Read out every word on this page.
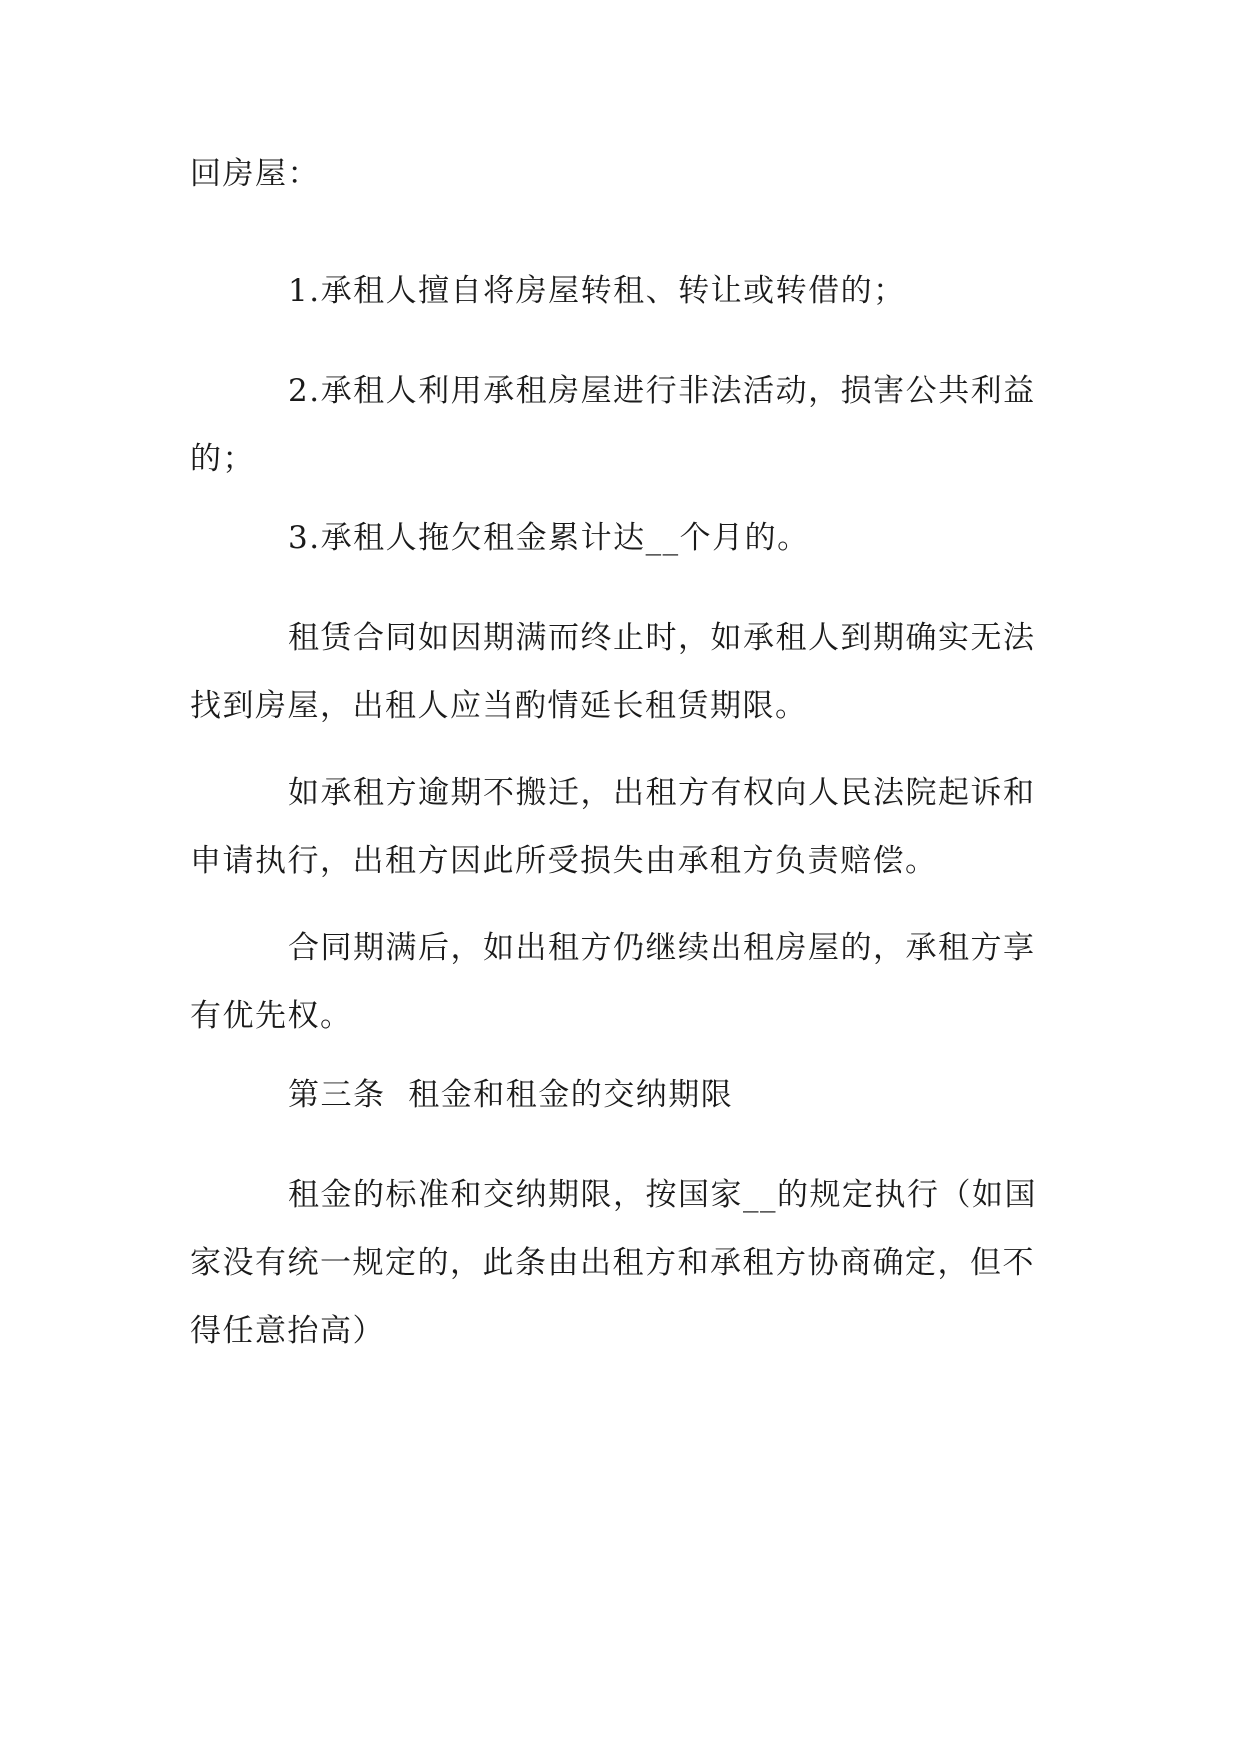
回房屋：

1.承租人擅自将房屋转租、转让或转借的；

2.承租人利用承租房屋进行非法活动，损害公共利益
的；

3.承租人拖欠租金累计达__个月的。

租赁合同如因期满而终止时，如承租人到期确实无法
找到房屋，出租人应当酌情延长租赁期限。

如承租方逾期不搬迁，出租方有权向人民法院起诉和
申请执行，出租方因此所受损失由承租方负责赔偿。

合同期满后，如出租方仍继续出租房屋的，承租方享
有优先权。

第三条  租金和租金的交纳期限

租金的标准和交纳期限，按国家__的规定执行（如国
家没有统一规定的，此条由出租方和承租方协商确定，但不
得任意抬高）
